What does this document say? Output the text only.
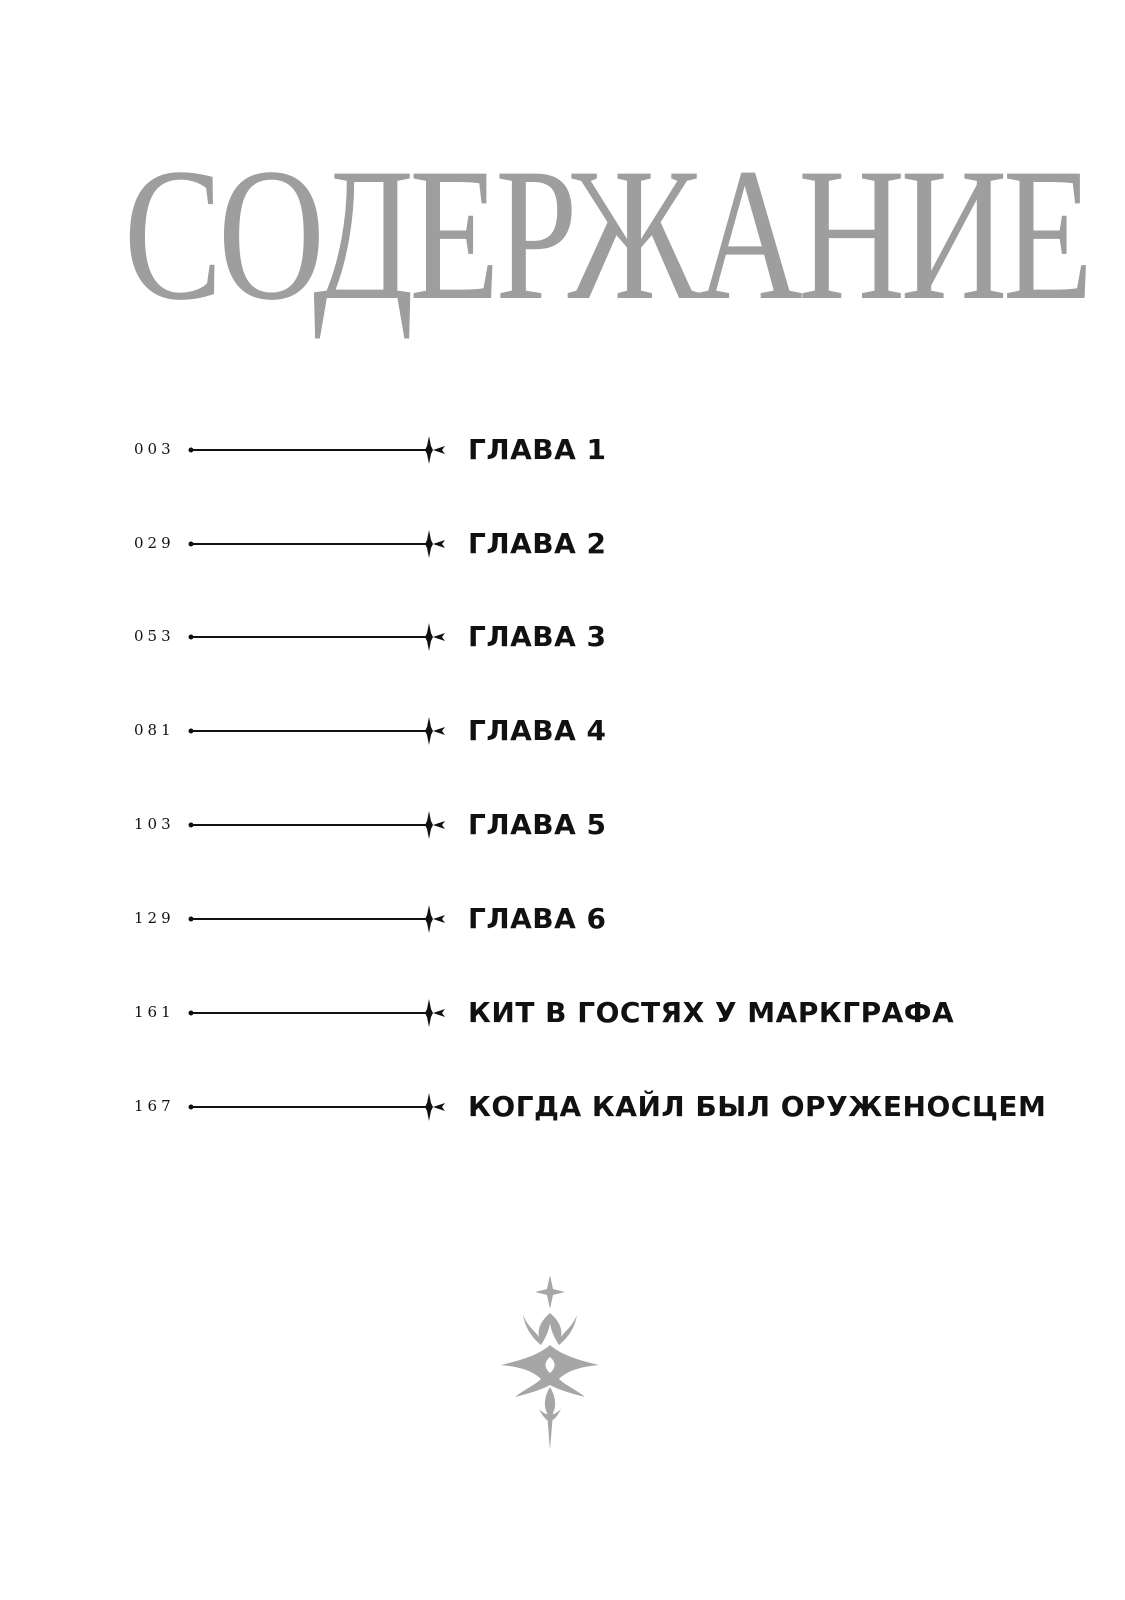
СОДЕРЖАНИЕ
003	ГЛАВА 1
029	ГЛАВА 2
053	ГЛАВА 3
081	ГЛАВА 4
103	ГЛАВА 5
129	ГЛАВА 6
161	КИТ В ГОСТЯХ У МАРКГРАФА
167	КОГДА КАЙЛ БЫЛ ОРУЖЕНОСЦЕМ
